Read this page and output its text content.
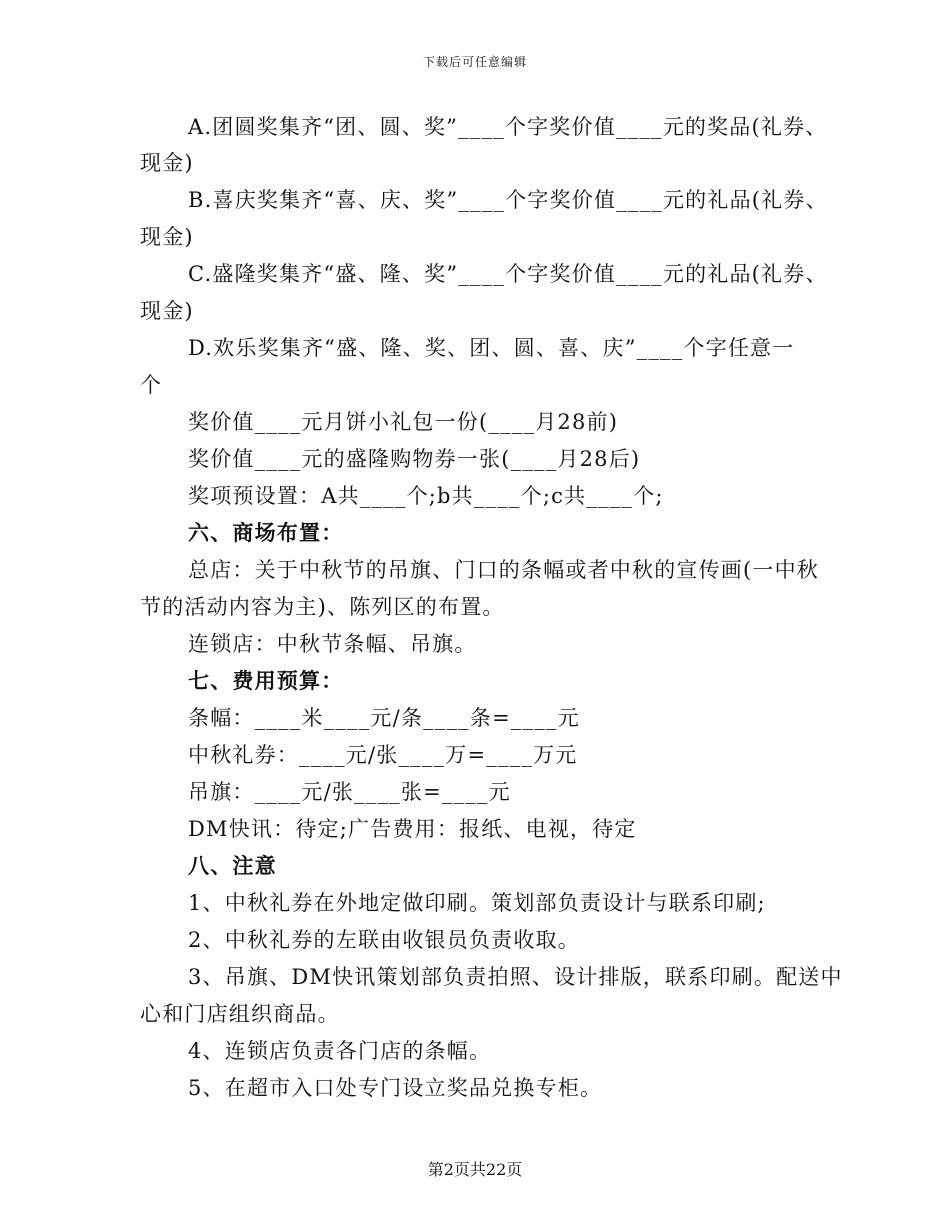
下载后可任意编辑
A.团圆奖集齐“团、圆、奖”____个字奖价值____元的奖品(礼券、
现金)
B.喜庆奖集齐“喜、庆、奖”____个字奖价值____元的礼品(礼券、
现金)
C.盛隆奖集齐“盛、隆、奖”____个字奖价值____元的礼品(礼券、
现金)
D.欢乐奖集齐“盛、隆、奖、团、圆、喜、庆”____个字任意一
个
奖价值____元月饼小礼包一份(____月28前)
奖价值____元的盛隆购物券一张(____月28后)
奖项预设置：A共____个;b共____个;c共____个;
六、商场布置：
总店：关于中秋节的吊旗、门口的条幅或者中秋的宣传画(一中秋
节的活动内容为主)、陈列区的布置。
连锁店：中秋节条幅、吊旗。
七、费用预算：
条幅：____米____元/条____条=____元
中秋礼券：____元/张____万=____万元
吊旗：____元/张____张=____元
DM快讯：待定;广告费用：报纸、电视，待定
八、注意
1、中秋礼券在外地定做印刷。策划部负责设计与联系印刷;
2、中秋礼券的左联由收银员负责收取。
3、吊旗、DM快讯策划部负责拍照、设计排版，联系印刷。配送中
心和门店组织商品。
4、连锁店负责各门店的条幅。
5、在超市入口处专门设立奖品兑换专柜。
第2页共22页
